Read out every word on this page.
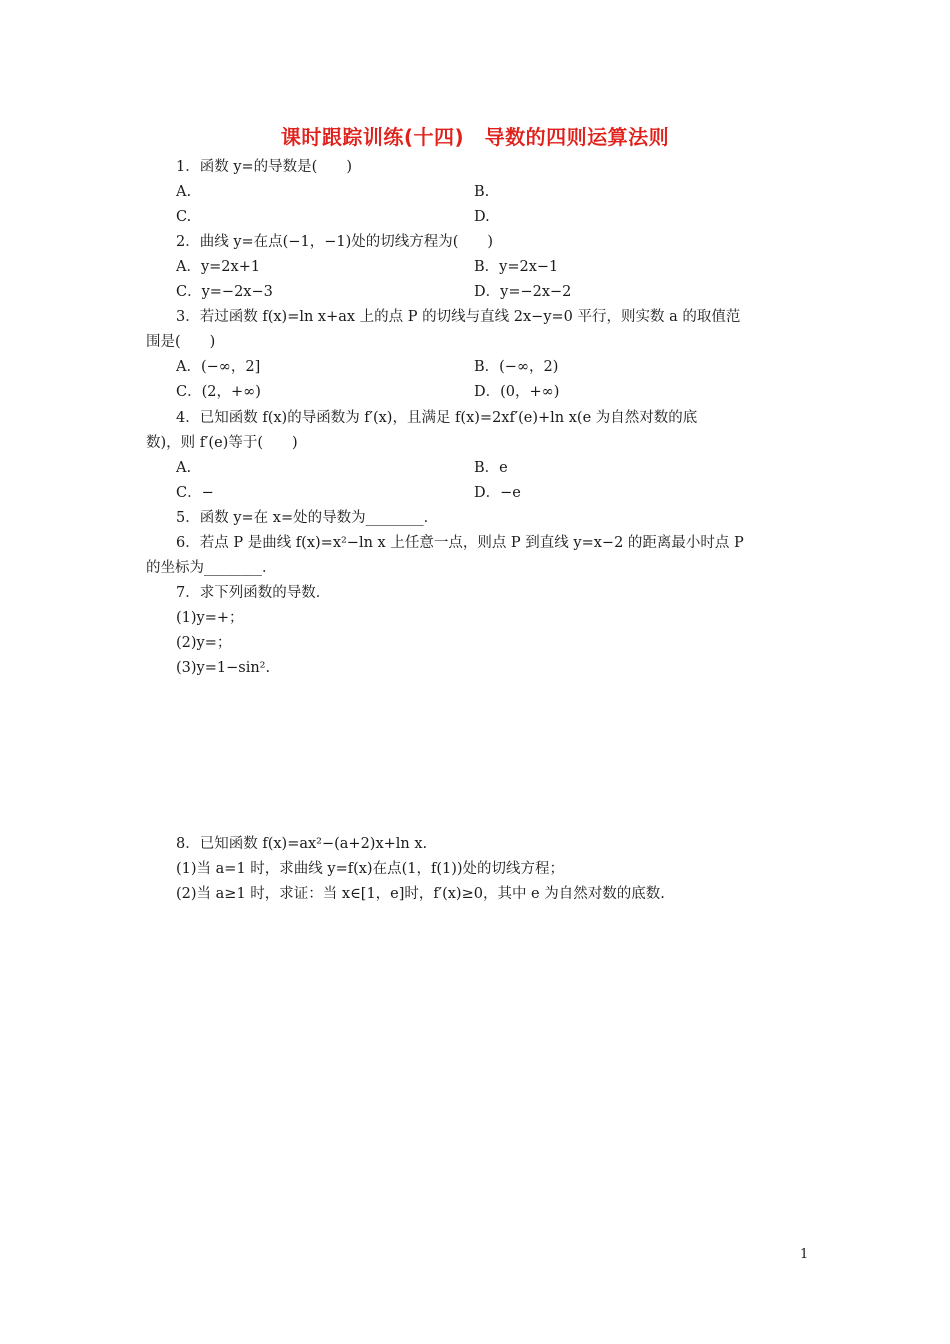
课时跟踪训练(十四)　导数的四则运算法则
1．函数 y=的导数是(　　)
A.	B.
C.	D.
2．曲线 y=在点(−1，−1)处的切线方程为(　　)
A．y=2x+1	B．y=2x−1
C．y=−2x−3	D．y=−2x−2
3．若过函数 f(x)=ln x+ax 上的点 P 的切线与直线 2x−y=0 平行，则实数 a 的取值范
围是(　　)
A．(−∞，2]	B．(−∞，2)
C．(2，+∞)	D．(0，+∞)
4．已知函数 f(x)的导函数为 f′(x)，且满足 f(x)=2xf′(e)+ln x(e 为自然对数的底
数)，则 f′(e)等于(　　)
A.	B．e
C．−	D．−e
5．函数 y=在 x=处的导数为________．
6．若点 P 是曲线 f(x)=x²−ln x 上任意一点，则点 P 到直线 y=x−2 的距离最小时点 P
的坐标为________．
7．求下列函数的导数．
(1)y=+；
(2)y=；
(3)y=1−sin².
8．已知函数 f(x)=ax²−(a+2)x+ln x.
(1)当 a=1 时，求曲线 y=f(x)在点(1，f(1))处的切线方程；
(2)当 a≥1 时，求证：当 x∈[1，e]时，f′(x)≥0，其中 e 为自然对数的底数.
1
